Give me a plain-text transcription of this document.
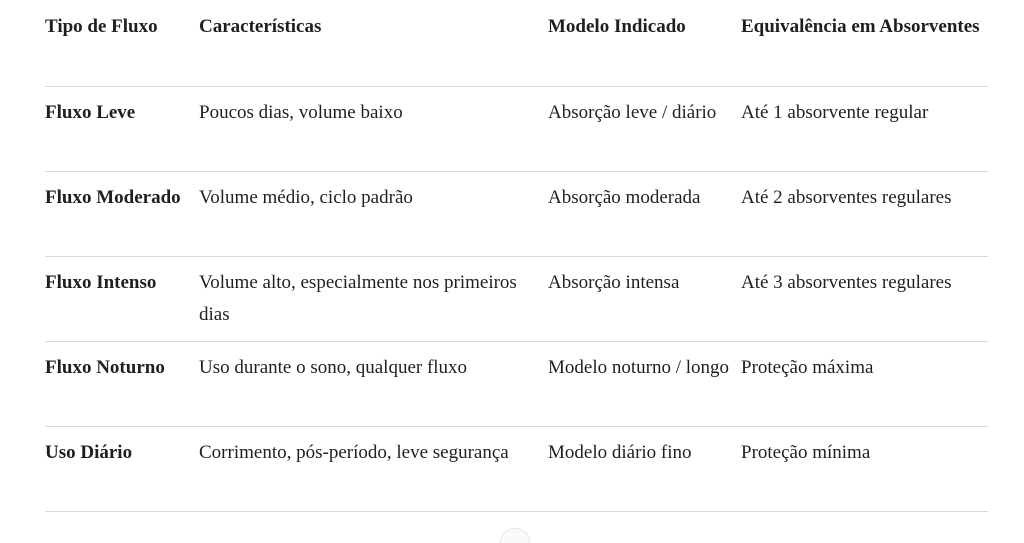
Tipo de Fluxo	Características	Modelo Indicado	Equivalência em Absorventes
Fluxo Leve	Poucos dias, volume baixo	Absorção leve / diário	Até 1 absorvente regular
Fluxo Moderado	Volume médio, ciclo padrão	Absorção moderada	Até 2 absorventes regulares
Fluxo Intenso	Volume alto, especialmente nos primeiros dias	Absorção intensa	Até 3 absorventes regulares
Fluxo Noturno	Uso durante o sono, qualquer fluxo	Modelo noturno / longo	Proteção máxima
Uso Diário	Corrimento, pós-período, leve segurança	Modelo diário fino	Proteção mínima
